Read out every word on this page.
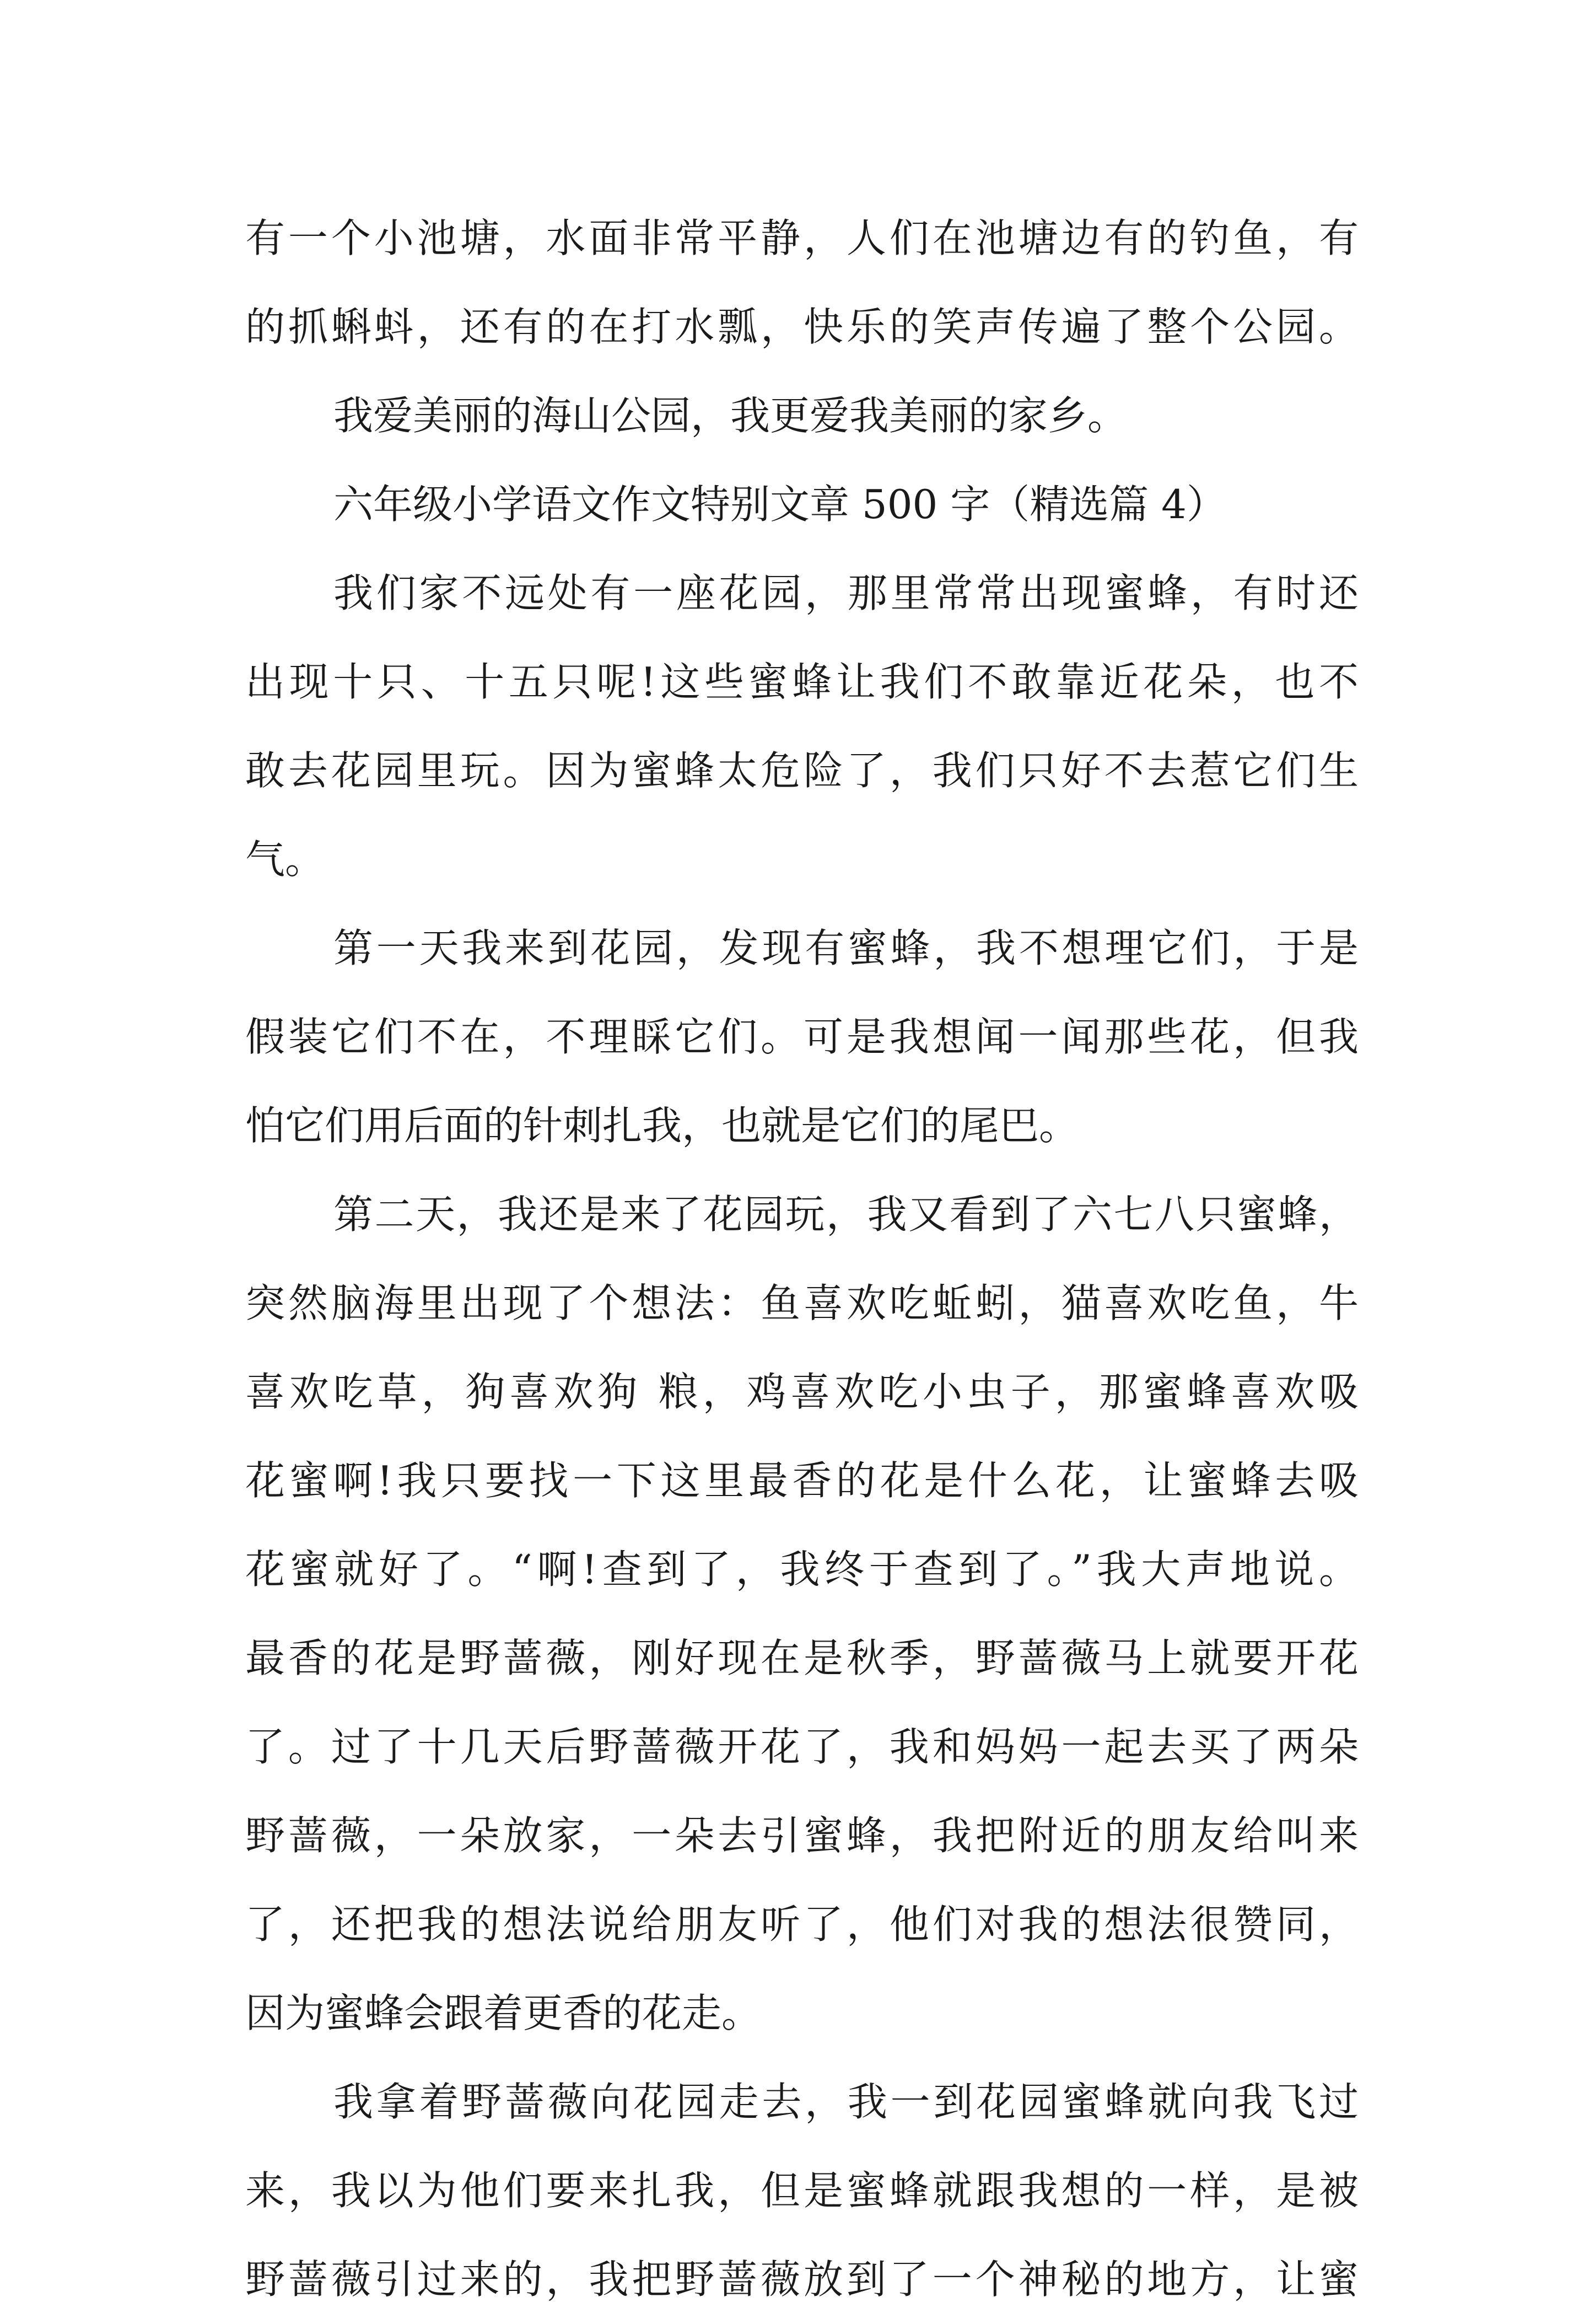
有一个小池塘，水面非常平静，人们在池塘边有的钓鱼，有
的抓蝌蚪，还有的在打水瓢，快乐的笑声传遍了整个公园。
我爱美丽的海山公园，我更爱我美丽的家乡。
六年级小学语文作文特别文章 500 字（精选篇 4）
我们家不远处有一座花园，那里常常出现蜜蜂，有时还
出现十只、十五只呢!这些蜜蜂让我们不敢靠近花朵，也不
敢去花园里玩。因为蜜蜂太危险了，我们只好不去惹它们生
气。
第一天我来到花园，发现有蜜蜂，我不想理它们，于是
假装它们不在，不理睬它们。可是我想闻一闻那些花，但我
怕它们用后面的针刺扎我，也就是它们的尾巴。
第二天，我还是来了花园玩，我又看到了六七八只蜜蜂，
突然脑海里出现了个想法：鱼喜欢吃蚯蚓，猫喜欢吃鱼，牛
喜欢吃草，狗喜欢狗 粮，鸡喜欢吃小虫子，那蜜蜂喜欢吸
花蜜啊!我只要找一下这里最香的花是什么花，让蜜蜂去吸
花蜜就好了。“啊!查到了，我终于查到了。”我大声地说。
最香的花是野蔷薇，刚好现在是秋季，野蔷薇马上就要开花
了。过了十几天后野蔷薇开花了，我和妈妈一起去买了两朵
野蔷薇，一朵放家，一朵去引蜜蜂，我把附近的朋友给叫来
了，还把我的想法说给朋友听了，他们对我的想法很赞同，
因为蜜蜂会跟着更香的花走。
我拿着野蔷薇向花园走去，我一到花园蜜蜂就向我飞过
来，我以为他们要来扎我，但是蜜蜂就跟我想的一样，是被
野蔷薇引过来的，我把野蔷薇放到了一个神秘的地方，让蜜
